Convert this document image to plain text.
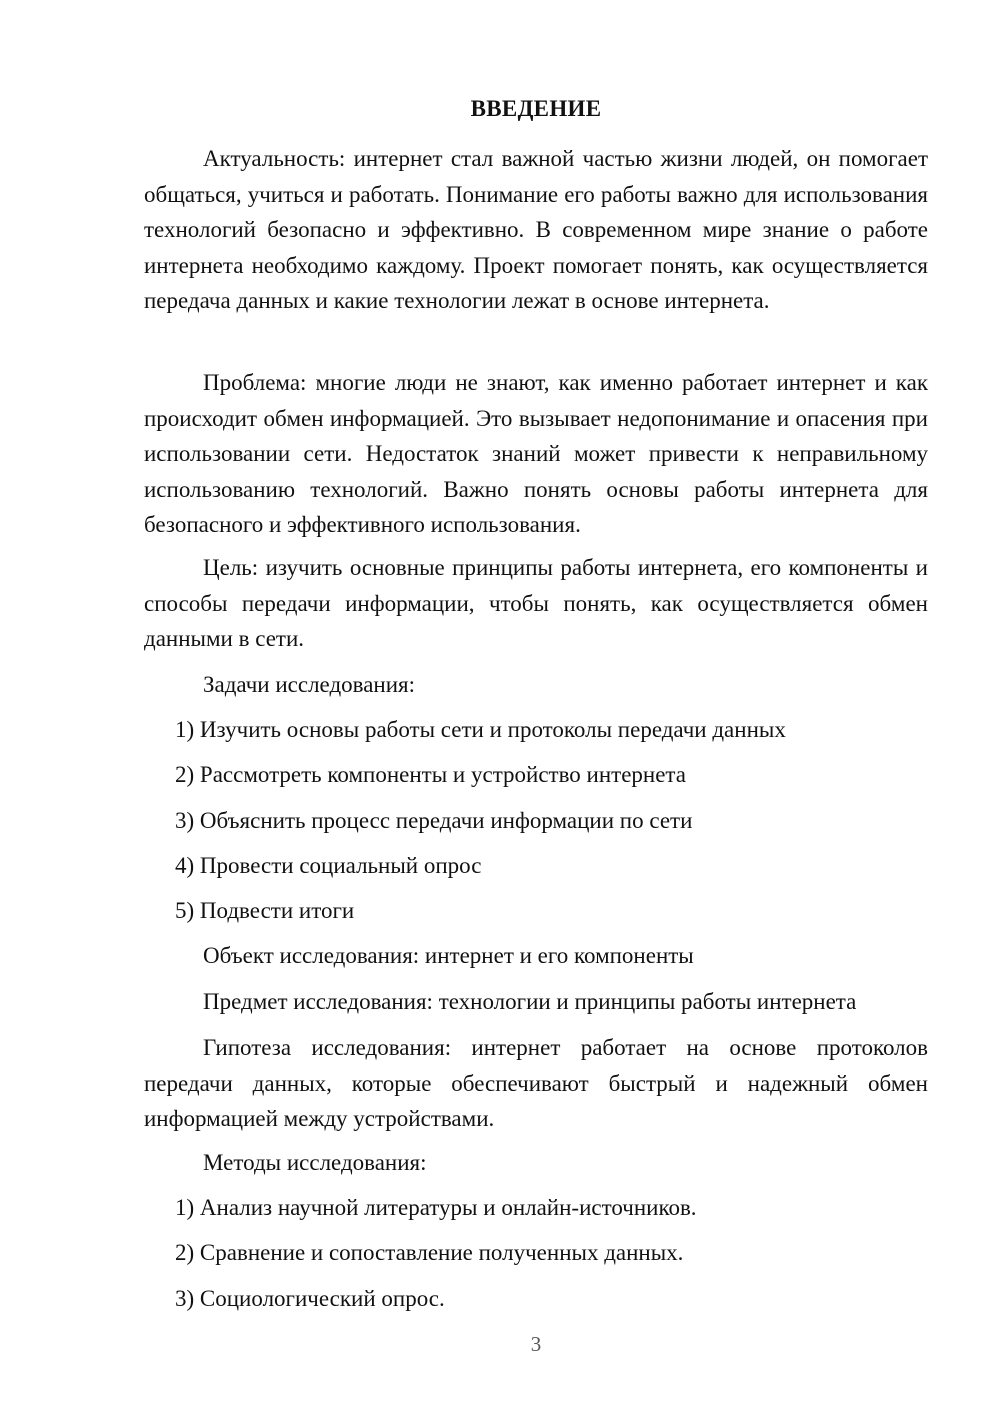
ВВЕДЕНИЕ

Актуальность: интернет стал важной частью жизни людей, он помогает общаться, учиться и работать. Понимание его работы важно для использования технологий безопасно и эффективно. В современном мире знание о работе интернета необходимо каждому. Проект помогает понять, как осуществляется передача данных и какие технологии лежат в основе интернета.

Проблема: многие люди не знают, как именно работает интернет и как происходит обмен информацией. Это вызывает недопонимание и опасения при использовании сети. Недостаток знаний может привести к неправильному использованию технологий. Важно понять основы работы интернета для безопасного и эффективного использования.

Цель: изучить основные принципы работы интернета, его компоненты и способы передачи информации, чтобы понять, как осуществляется обмен данными в сети.

Задачи исследования:

1) Изучить основы работы сети и протоколы передачи данных

2) Рассмотреть компоненты и устройство интернета

3) Объяснить процесс передачи информации по сети

4) Провести социальный опрос

5) Подвести итоги

Объект исследования: интернет и его компоненты

Предмет исследования: технологии и принципы работы интернета

Гипотеза исследования: интернет работает на основе протоколов передачи данных, которые обеспечивают быстрый и надежный обмен информацией между устройствами.

Методы исследования:

1) Анализ научной литературы и онлайн-источников.

2) Сравнение и сопоставление полученных данных.

3) Социологический опрос.

3
